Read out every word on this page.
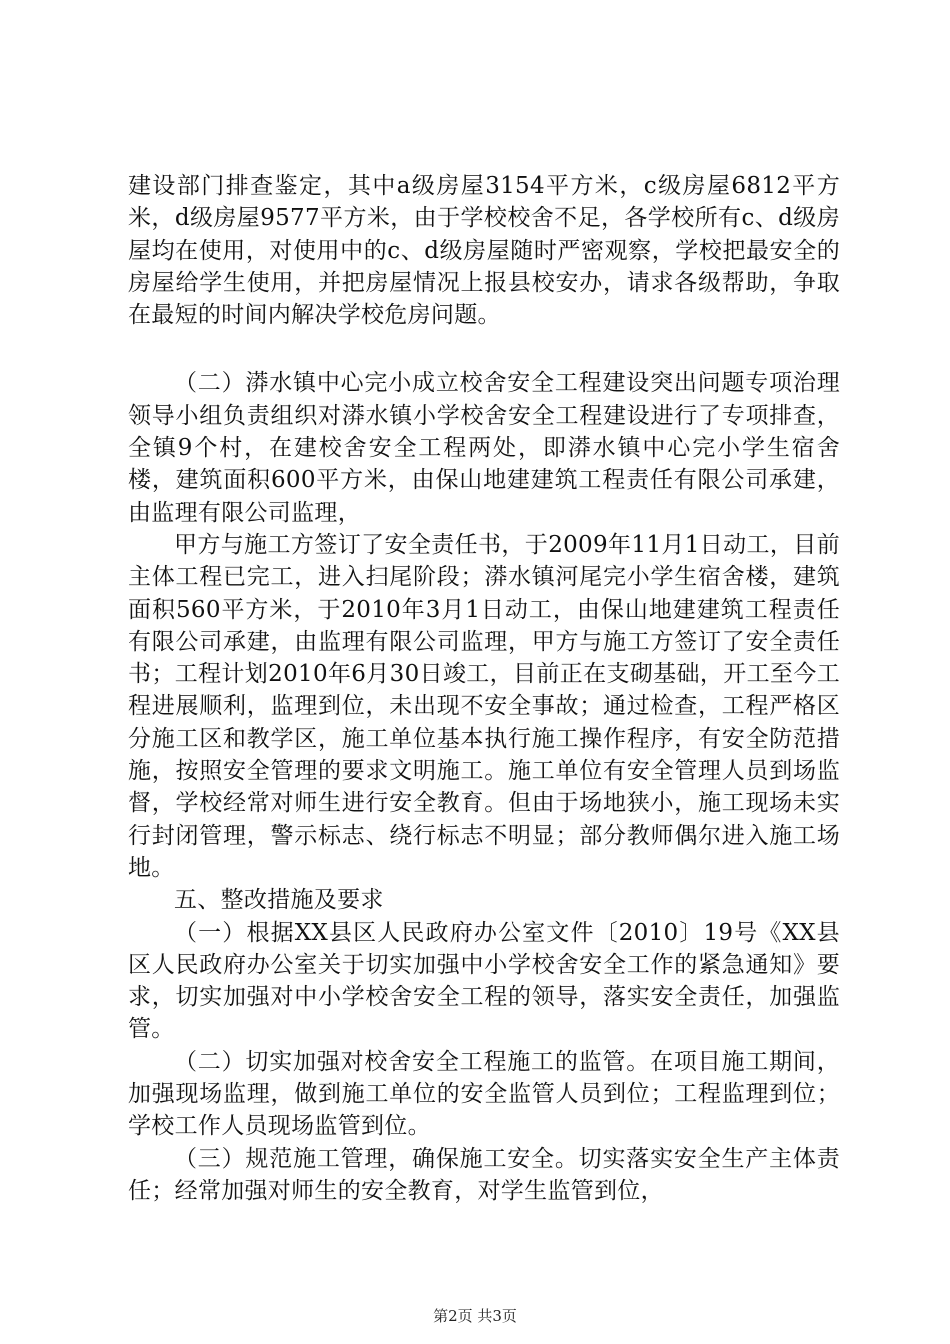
建设部门排查鉴定，其中a级房屋3154平方米，c级房屋6812平方米，d级房屋9577平方米，由于学校校舍不足，各学校所有c、d级房屋均在使用，对使用中的c、d级房屋随时严密观察，学校把最安全的房屋给学生使用，并把房屋情况上报县校安办，请求各级帮助，争取在最短的时间内解决学校危房问题。

（二）漭水镇中心完小成立校舍安全工程建设突出问题专项治理领导小组负责组织对漭水镇小学校舍安全工程建设进行了专项排查，全镇9个村，在建校舍安全工程两处，即漭水镇中心完小学生宿舍楼，建筑面积600平方米，由保山地建建筑工程责任有限公司承建，由监理有限公司监理，

甲方与施工方签订了安全责任书，于2009年11月1日动工，目前主体工程已完工，进入扫尾阶段；漭水镇河尾完小学生宿舍楼，建筑面积560平方米，于2010年3月1日动工，由保山地建建筑工程责任有限公司承建，由监理有限公司监理，甲方与施工方签订了安全责任书；工程计划2010年6月30日竣工，目前正在支砌基础，开工至今工程进展顺利，监理到位，未出现不安全事故；通过检查，工程严格区分施工区和教学区，施工单位基本执行施工操作程序，有安全防范措施，按照安全管理的要求文明施工。施工单位有安全管理人员到场监督，学校经常对师生进行安全教育。但由于场地狭小，施工现场未实行封闭管理，警示标志、绕行标志不明显；部分教师偶尔进入施工场地。

五、整改措施及要求

（一）根据XX县区人民政府办公室文件〔2010〕19号《XX县区人民政府办公室关于切实加强中小学校舍安全工作的紧急通知》要求，切实加强对中小学校舍安全工程的领导，落实安全责任，加强监管。

（二）切实加强对校舍安全工程施工的监管。在项目施工期间，加强现场监理，做到施工单位的安全监管人员到位；工程监理到位；学校工作人员现场监管到位。

（三）规范施工管理，确保施工安全。切实落实安全生产主体责任；经常加强对师生的安全教育，对学生监管到位，

第2页 共3页
